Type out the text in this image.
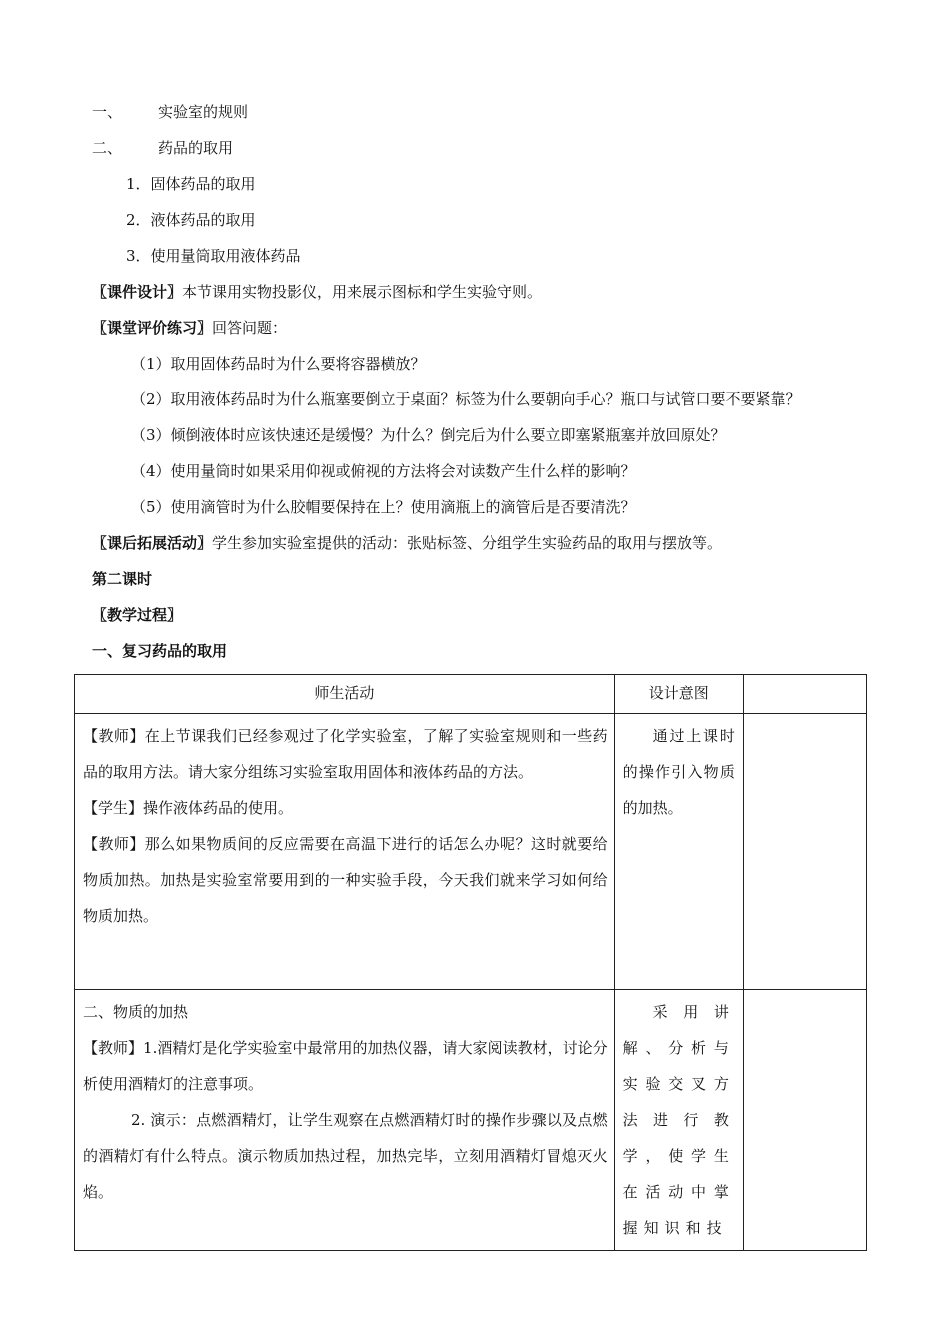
一、 实验室的规则
二、 药品的取用
1．固体药品的取用
2．液体药品的取用
3．使用量筒取用液体药品
〖课件设计〗本节课用实物投影仪，用来展示图标和学生实验守则。
〖课堂评价练习〗回答问题：
（1）取用固体药品时为什么要将容器横放？
（2）取用液体药品时为什么瓶塞要倒立于桌面？标签为什么要朝向手心？瓶口与试管口要不要紧靠？
（3）倾倒液体时应该快速还是缓慢？为什么？倒完后为什么要立即塞紧瓶塞并放回原处？
（4）使用量筒时如果采用仰视或俯视的方法将会对读数产生什么样的影响？
（5）使用滴管时为什么胶帽要保持在上？使用滴瓶上的滴管后是否要清洗？
〖课后拓展活动〗学生参加实验室提供的活动：张贴标签、分组学生实验药品的取用与摆放等。
第二课时
〖教学过程〗
一、复习药品的取用
师生活动	设计意图	

【教师】在上节课我们已经参观过了化学实验室，了解了实验室规则和一些药品的取用方法。请大家分组练习实验室取用固体和液体药品的方法。

【学生】操作液体药品的使用。

【教师】那么如果物质间的反应需要在高温下进行的话怎么办呢？这时就要给物质加热。加热是实验室常要用到的一种实验手段，今天我们就来学习如何给物质加热。	通过上课时的操作引入物质的加热。	

二、物质的加热

【教师】1.酒精灯是化学实验室中最常用的加热仪器，请大家阅读教材，讨论分析使用酒精灯的注意事项。

2. 演示：点燃酒精灯，让学生观察在点燃酒精灯时的操作步骤以及点燃的酒精灯有什么特点。演示物质加热过程，加热完毕，立刻用酒精灯冒熄灭火焰。	采用讲解、分析与实验交叉方法进行教学，使学生在活动中掌握知识和技	
